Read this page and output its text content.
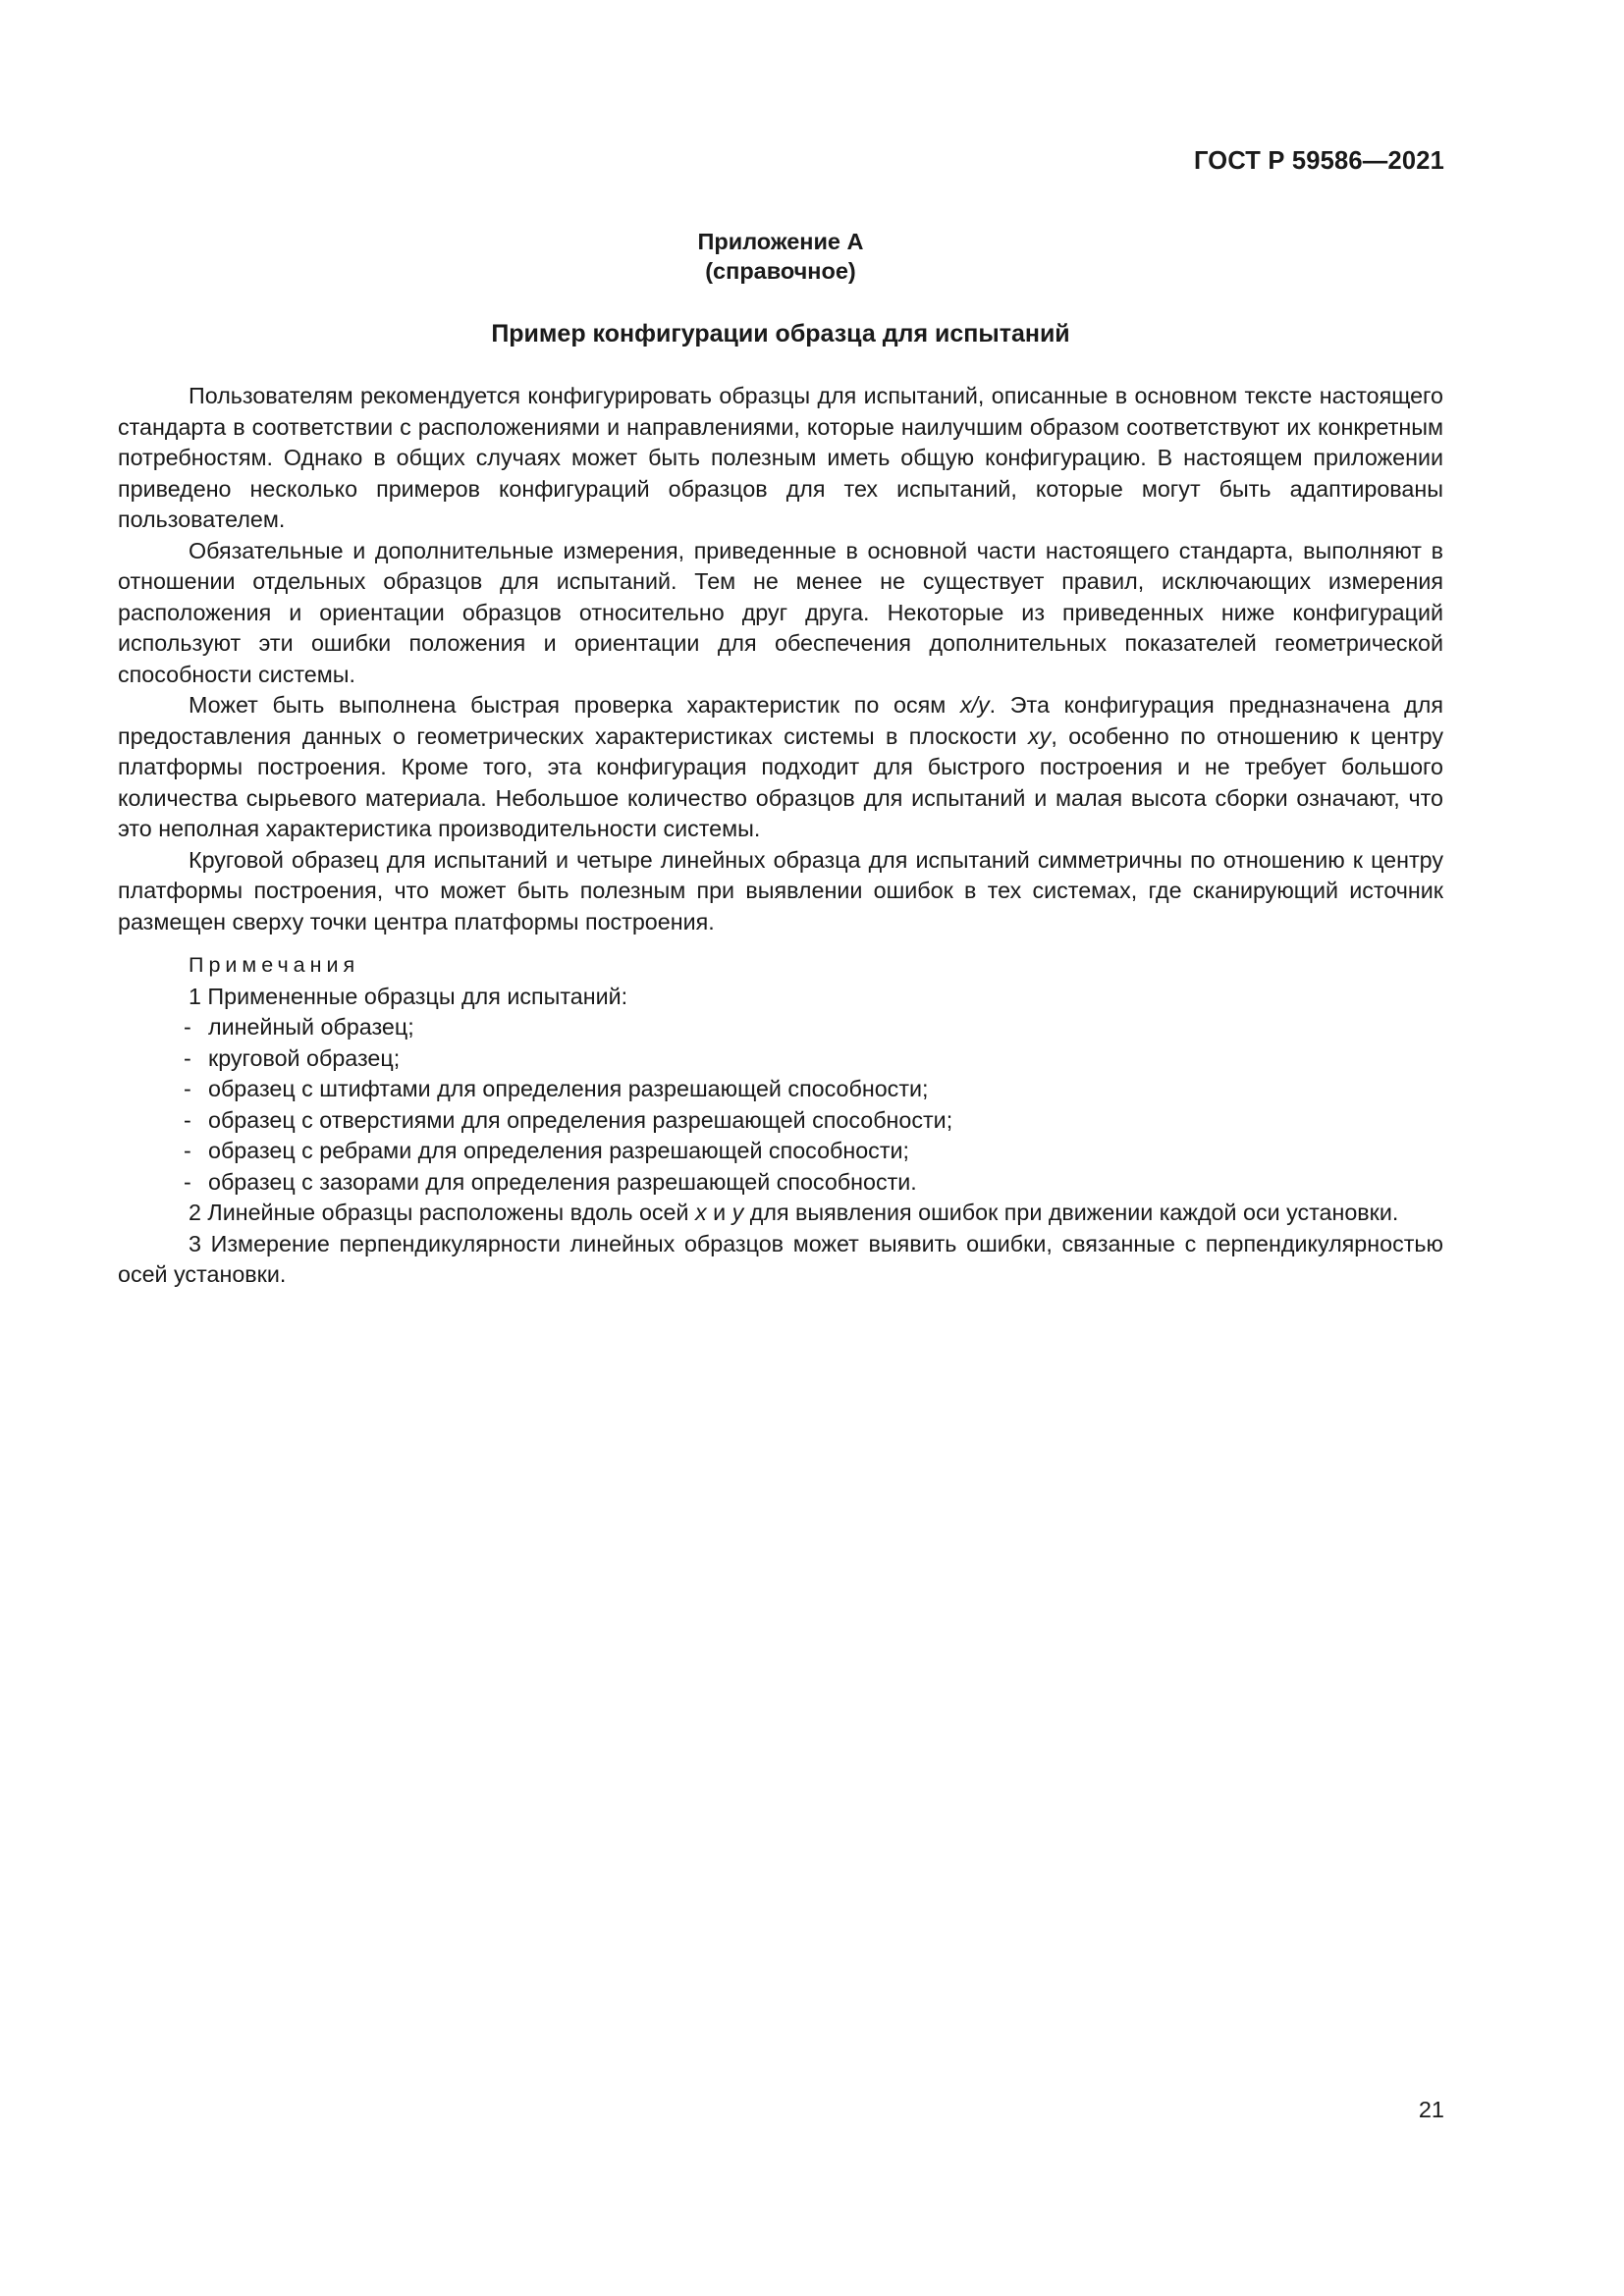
ГОСТ Р 59586—2021
Приложение А
(справочное)
Пример конфигурации образца для испытаний

Пользователям рекомендуется конфигурировать образцы для испытаний, описанные в основном тексте настоящего стандарта в соответствии с расположениями и направлениями, которые наилучшим образом соответствуют их конкретным потребностям. Однако в общих случаях может быть полезным иметь общую конфигурацию. В настоящем приложении приведено несколько примеров конфигураций образцов для тех испытаний, которые могут быть адаптированы пользователем.

Обязательные и дополнительные измерения, приведенные в основной части настоящего стандарта, выполняют в отношении отдельных образцов для испытаний. Тем не менее не существует правил, исключающих измерения расположения и ориентации образцов относительно друг друга. Некоторые из приведенных ниже конфигураций используют эти ошибки положения и ориентации для обеспечения дополнительных показателей геометрической способности системы.

Может быть выполнена быстрая проверка характеристик по осям x/y. Эта конфигурация предназначена для предоставления данных о геометрических характеристиках системы в плоскости xy, особенно по отношению к центру платформы построения. Кроме того, эта конфигурация подходит для быстрого построения и не требует большого количества сырьевого материала. Небольшое количество образцов для испытаний и малая высота сборки означают, что это неполная характеристика производительности системы.

Круговой образец для испытаний и четыре линейных образца для испытаний симметричны по отношению к центру платформы построения, что может быть полезным при выявлении ошибок в тех системах, где сканирующий источник размещен сверху точки центра платформы построения.

Примечания

1 Примененные образцы для испытаний:

- линейный образец;
- круговой образец;
- образец с штифтами для определения разрешающей способности;
- образец с отверстиями для определения разрешающей способности;
- образец с ребрами для определения разрешающей способности;
- образец с зазорами для определения разрешающей способности.

2 Линейные образцы расположены вдоль осей x и y для выявления ошибок при движении каждой оси установки.

3 Измерение перпендикулярности линейных образцов может выявить ошибки, связанные с перпендикулярностью осей установки.

21
